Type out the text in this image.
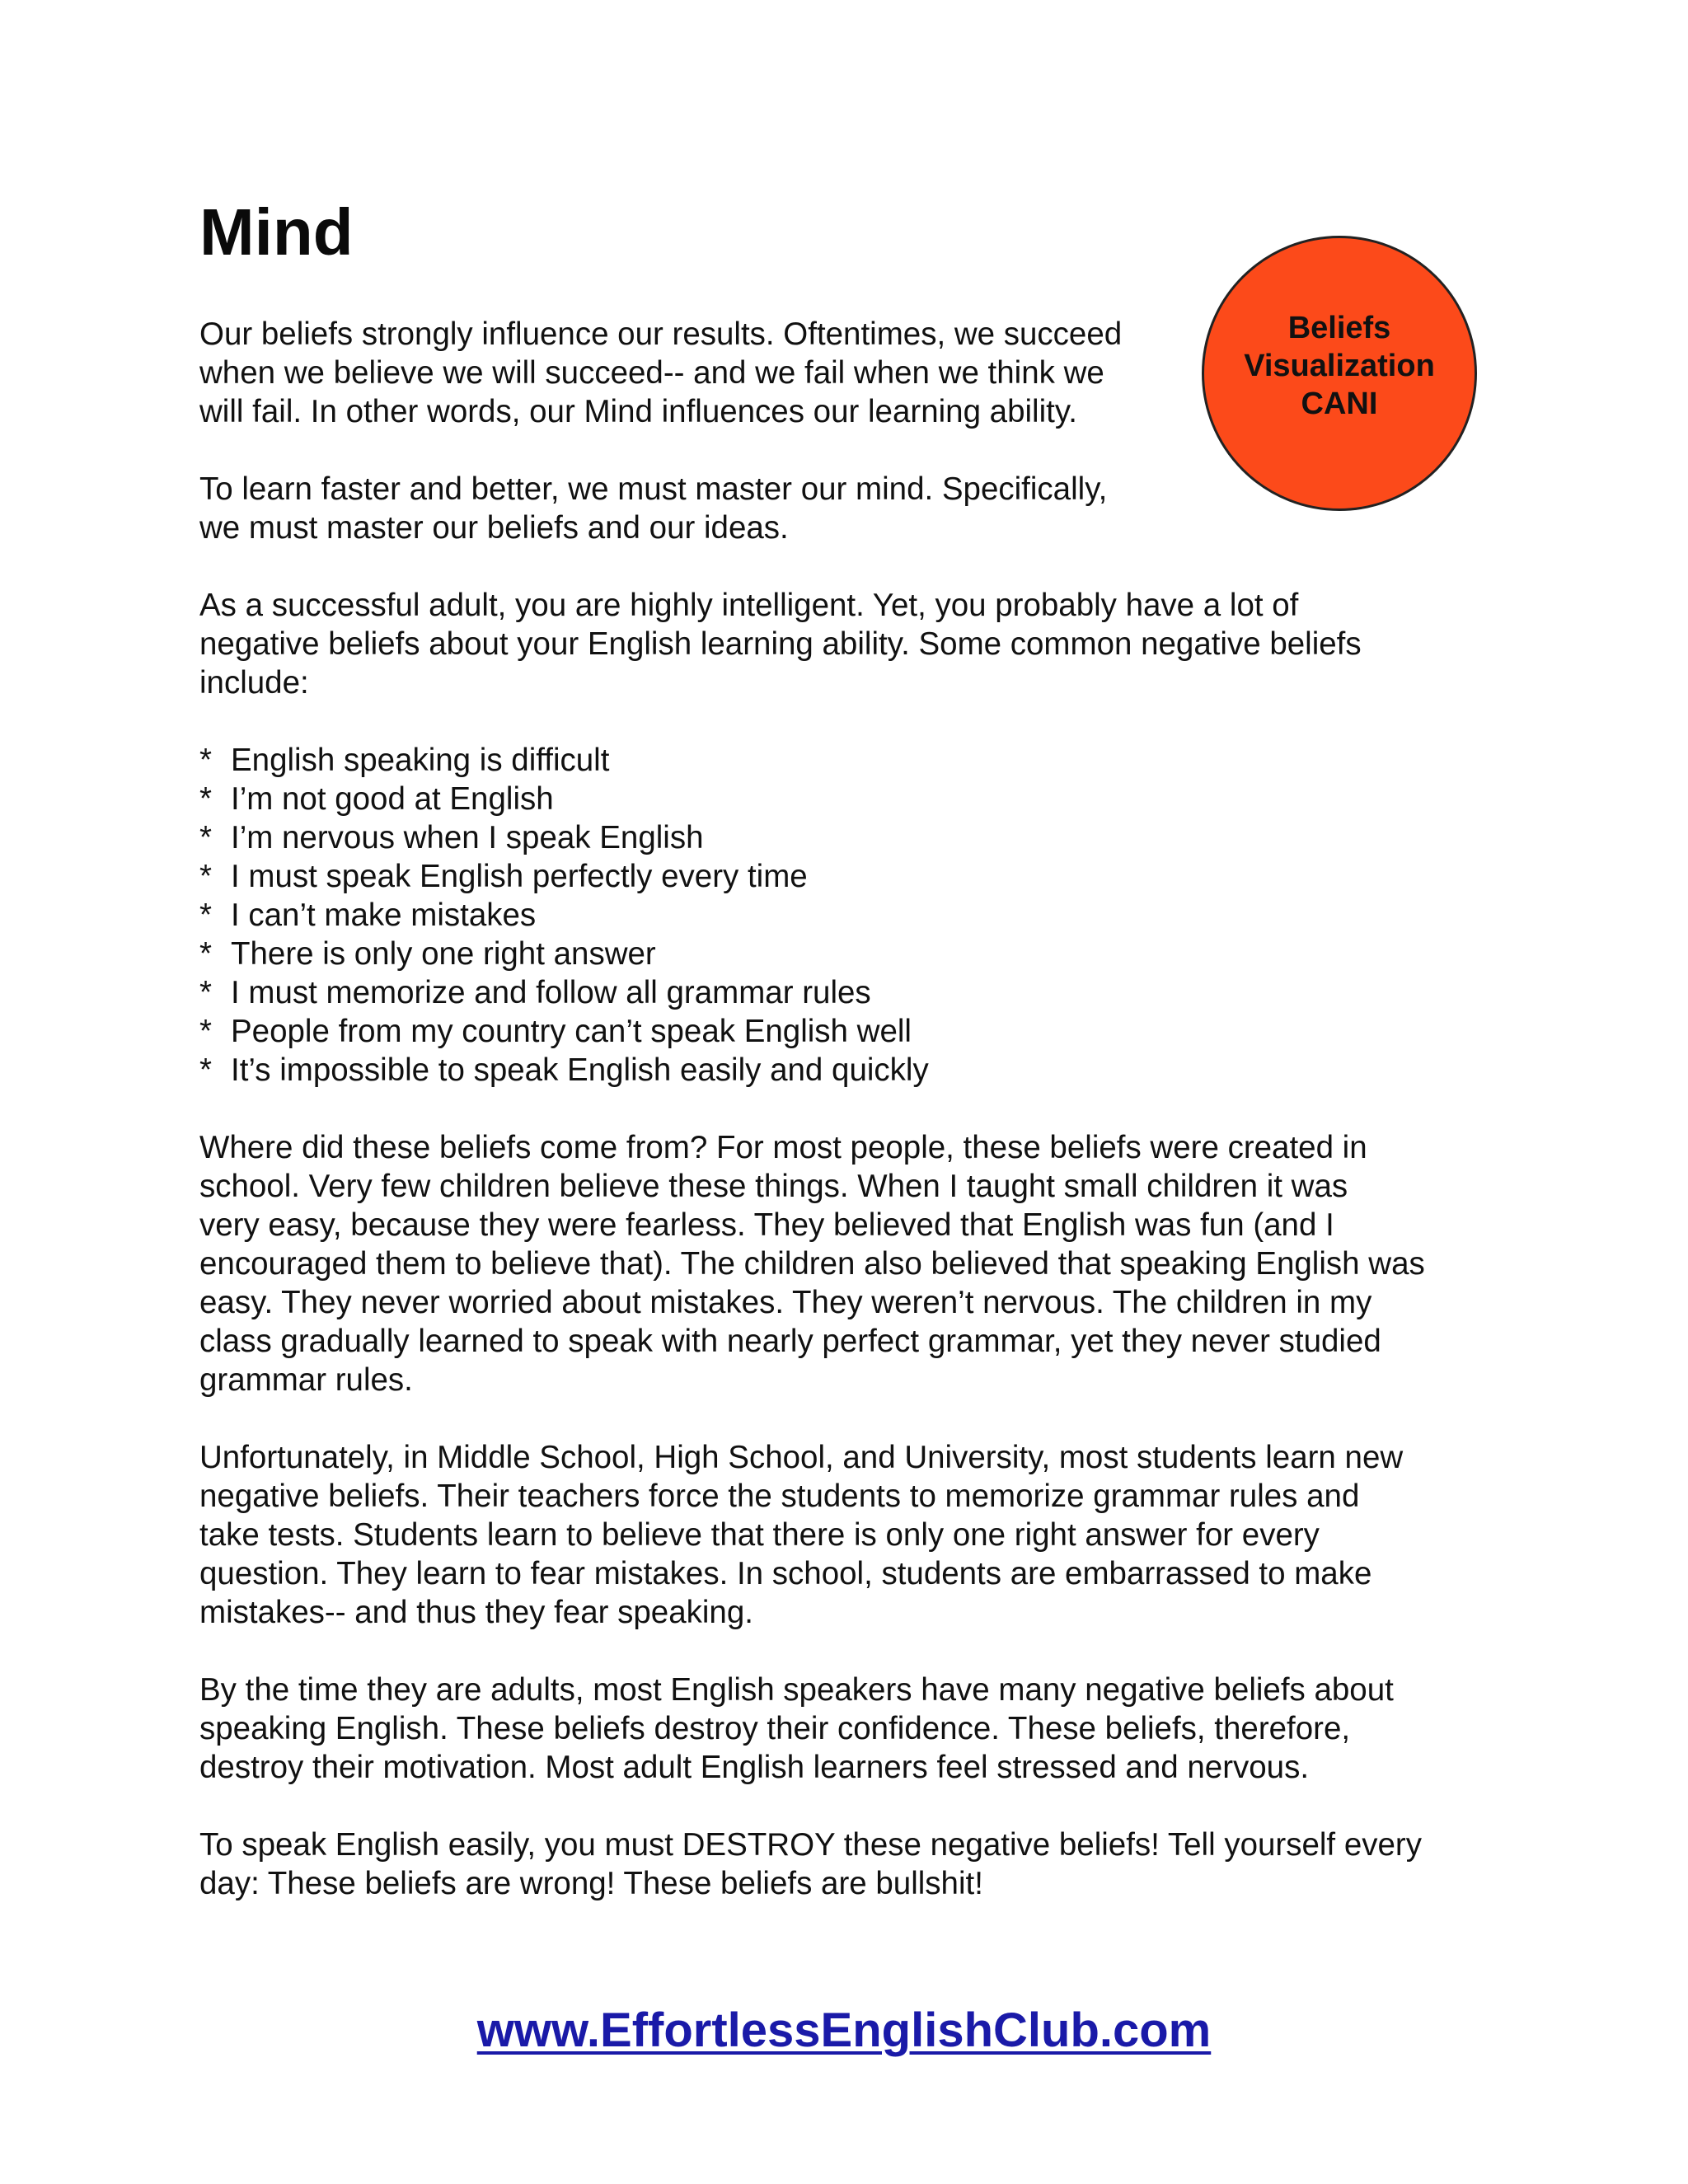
Mind
Beliefs
Visualization
CANI

Our beliefs strongly influence our results. Oftentimes, we succeed
when we believe we will succeed-- and we fail when we think we
will fail. In other words, our Mind influences our learning ability.

To learn faster and better, we must master our mind. Specifically,
we must master our beliefs and our ideas.

As a successful adult, you are highly intelligent. Yet, you probably have a lot of
negative beliefs about your English learning ability. Some common negative beliefs
include:

* English speaking is difficult
* I’m not good at English
* I’m nervous when I speak English
* I must speak English perfectly every time
* I can’t make mistakes
* There is only one right answer
* I must memorize and follow all grammar rules
* People from my country can’t speak English well
* It’s impossible to speak English easily and quickly

Where did these beliefs come from? For most people, these beliefs were created in
school. Very few children believe these things. When I taught small children it was
very easy, because they were fearless. They believed that English was fun (and I
encouraged them to believe that). The children also believed that speaking English was
easy. They never worried about mistakes. They weren’t nervous. The children in my
class gradually learned to speak with nearly perfect grammar, yet they never studied
grammar rules.

Unfortunately, in Middle School, High School, and University, most students learn new
negative beliefs. Their teachers force the students to memorize grammar rules and
take tests. Students learn to believe that there is only one right answer for every
question. They learn to fear mistakes. In school, students are embarrassed to make
mistakes-- and thus they fear speaking.

By the time they are adults, most English speakers have many negative beliefs about
speaking English. These beliefs destroy their confidence. These beliefs, therefore,
destroy their motivation. Most adult English learners feel stressed and nervous.

To speak English easily, you must DESTROY these negative beliefs! Tell yourself every
day: These beliefs are wrong! These beliefs are bullshit!

www.EffortlessEnglishClub.com
